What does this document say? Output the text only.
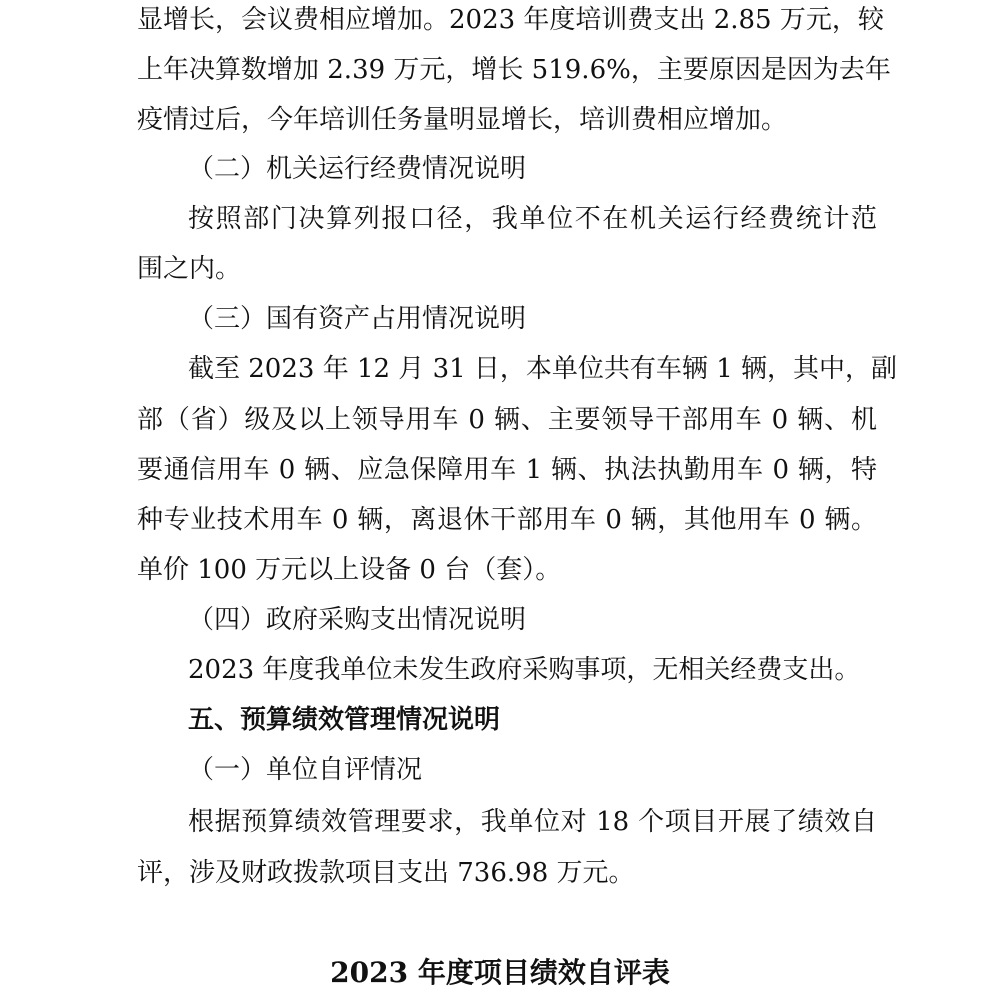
显增长，会议费相应增加。2023 年度培训费支出 2.85 万元，较
上年决算数增加 2.39 万元，增长 519.6%，主要原因是因为去年
疫情过后，今年培训任务量明显增长，培训费相应增加。
（二）机关运行经费情况说明
按照部门决算列报口径，我单位不在机关运行经费统计范
围之内。
（三）国有资产占用情况说明
截至 2023 年 12 月 31 日，本单位共有车辆 1 辆，其中，副
部（省）级及以上领导用车 0 辆、主要领导干部用车 0 辆、机
要通信用车 0 辆、应急保障用车 1 辆、执法执勤用车 0 辆，特
种专业技术用车 0 辆，离退休干部用车 0 辆，其他用车 0 辆。
单价 100 万元以上设备 0 台（套）。
（四）政府采购支出情况说明
2023 年度我单位未发生政府采购事项，无相关经费支出。
五、预算绩效管理情况说明
（一）单位自评情况
根据预算绩效管理要求，我单位对 18 个项目开展了绩效自
评，涉及财政拨款项目支出 736.98 万元。
2023 年度项目绩效自评表
